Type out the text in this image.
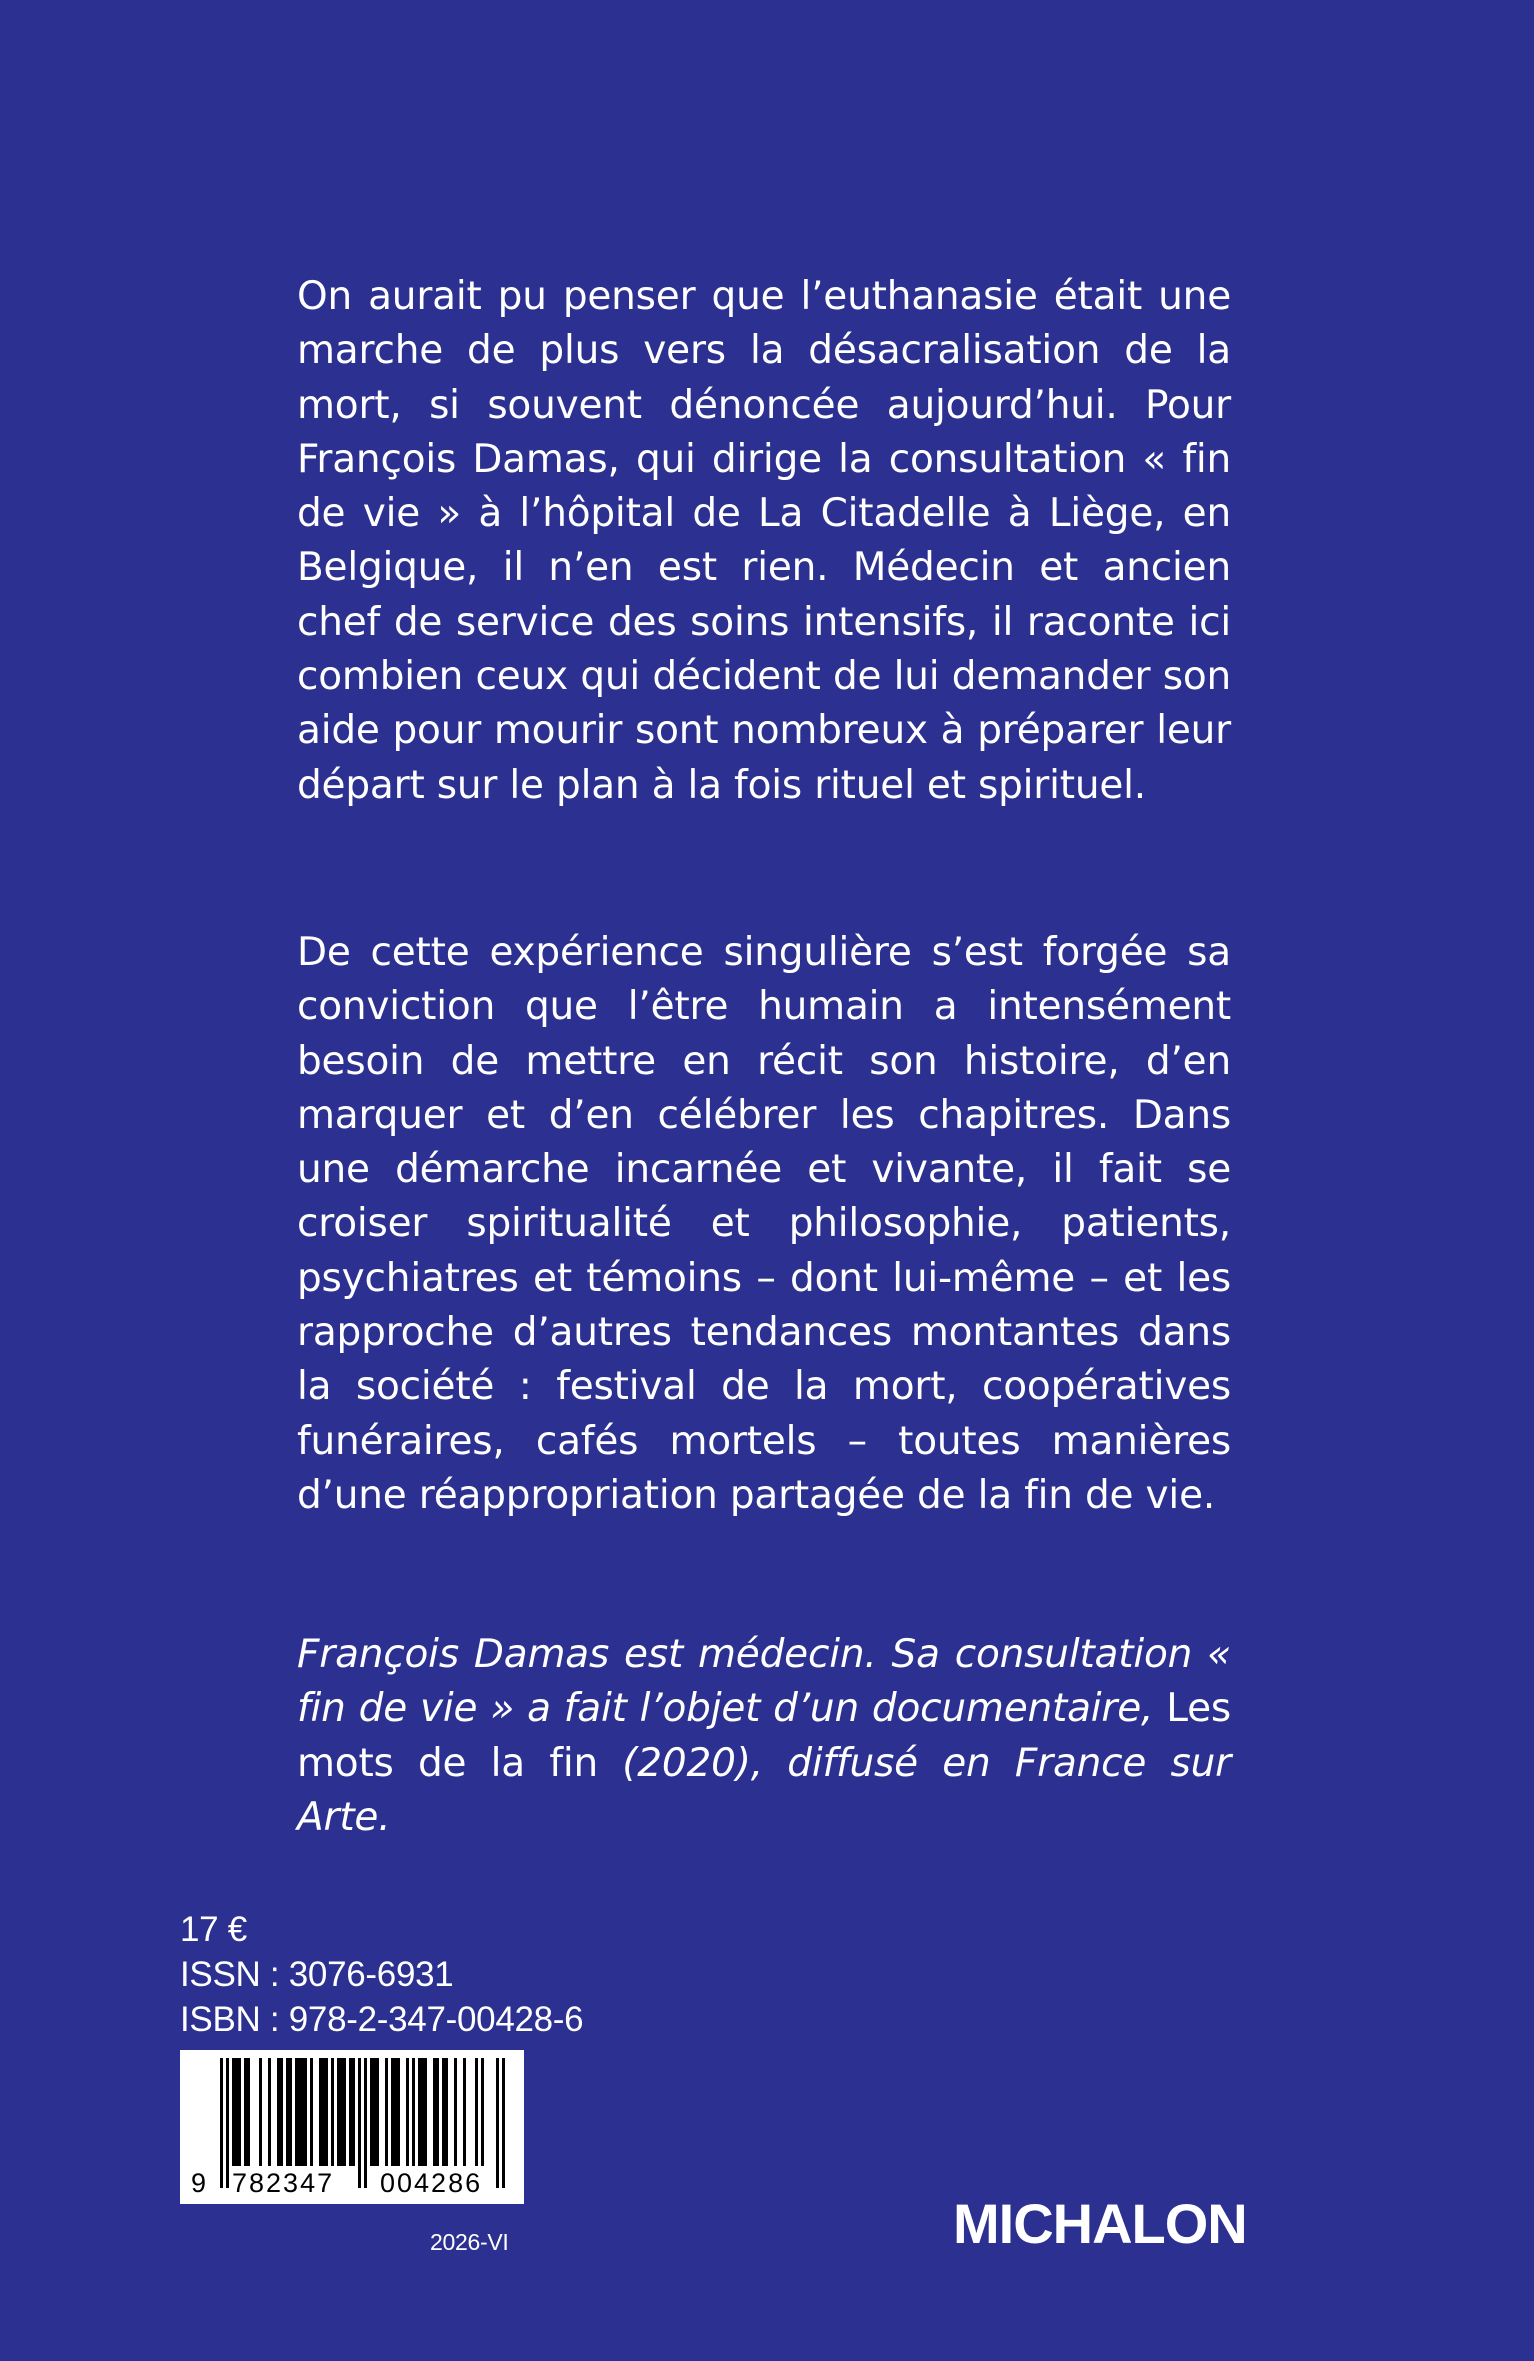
On aurait pu penser que l’euthanasie était une marche de plus vers la désacralisation de la mort, si souvent dénoncée aujourd’hui. Pour François Damas, qui dirige la consultation « fin de vie » à l’hôpital de La Citadelle à Liège, en Belgique, il n’en est rien. Médecin et ancien chef de service des soins intensifs, il raconte ici combien ceux qui décident de lui demander son aide pour mourir sont nombreux à préparer leur départ sur le plan à la fois rituel et spirituel.

De cette expérience singulière s’est forgée sa conviction que l’être humain a intensément besoin de mettre en récit son histoire, d’en marquer et d’en célébrer les chapitres. Dans une démarche incarnée et vivante, il fait se croiser spiritualité et philosophie, patients, psychiatres et témoins – dont lui-même – et les rapproche d’autres tendances montantes dans la société : festival de la mort, coopératives funéraires, cafés mortels – toutes manières d’une réappropriation partagée de la fin de vie.

François Damas est médecin. Sa consultation « fin de vie » a fait l’objet d’un documentaire, Les mots de la fin (2020), diffusé en France sur Arte.

17 €
ISSN : 3076-6931
ISBN : 978-2-347-00428-6
9 782347 004286
2026-VI	MICHALON
